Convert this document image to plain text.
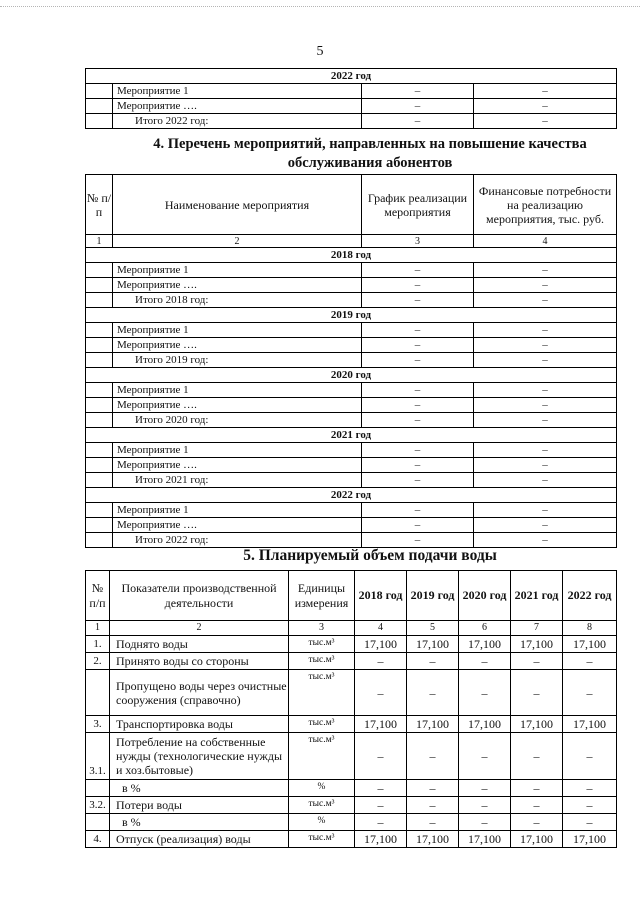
5
2022 год			
	Мероприятие 1	–	–
	Мероприятие ….	–	–
	Итого 2022 год:	–	–
4. Перечень мероприятий, направленных на повышение качества обслуживания абонентов
№ п/п	Наименование мероприятия	График реализации мероприятия	Финансовые потребности на реализацию мероприятия, тыс. руб.
1	2	3	4
2018 год			
	Мероприятие 1	–	–
	Мероприятие ….	–	–
	Итого 2018 год:	–	–
2019 год			
	Мероприятие 1	–	–
	Мероприятие ….	–	–
	Итого 2019 год:	–	–
2020 год			
	Мероприятие 1	–	–
	Мероприятие ….	–	–
	Итого 2020 год:	–	–
2021 год			
	Мероприятие 1	–	–
	Мероприятие ….	–	–
	Итого 2021 год:	–	–
2022 год			
	Мероприятие 1	–	–
	Мероприятие ….	–	–
	Итого 2022 год:	–	–
5. Планируемый объем подачи воды
№ п/п	Показатели производственной деятельности	Единицы измерения	2018 год	2019 год	2020 год	2021 год	2022 год
1	2	3	4	5	6	7	8
1.	Поднято воды	тыс.м³	17,100	17,100	17,100	17,100	17,100
2.	Принято воды со стороны	тыс.м³	–	–	–	–	–
	Пропущено воды через очистные сооружения (справочно)	тыс.м³	–	–	–	–	–
3.	Транспортировка воды	тыс.м³	17,100	17,100	17,100	17,100	17,100
3.1.	Потребление на собственные нужды (технологические нужды и хоз.бытовые)	тыс.м³	–	–	–	–	–
	в %	%	–	–	–	–	–
3.2.	Потери воды	тыс.м³	–	–	–	–	–
	в %	%	–	–	–	–	–
4.	Отпуск (реализация) воды	тыс.м³	17,100	17,100	17,100	17,100	17,100
